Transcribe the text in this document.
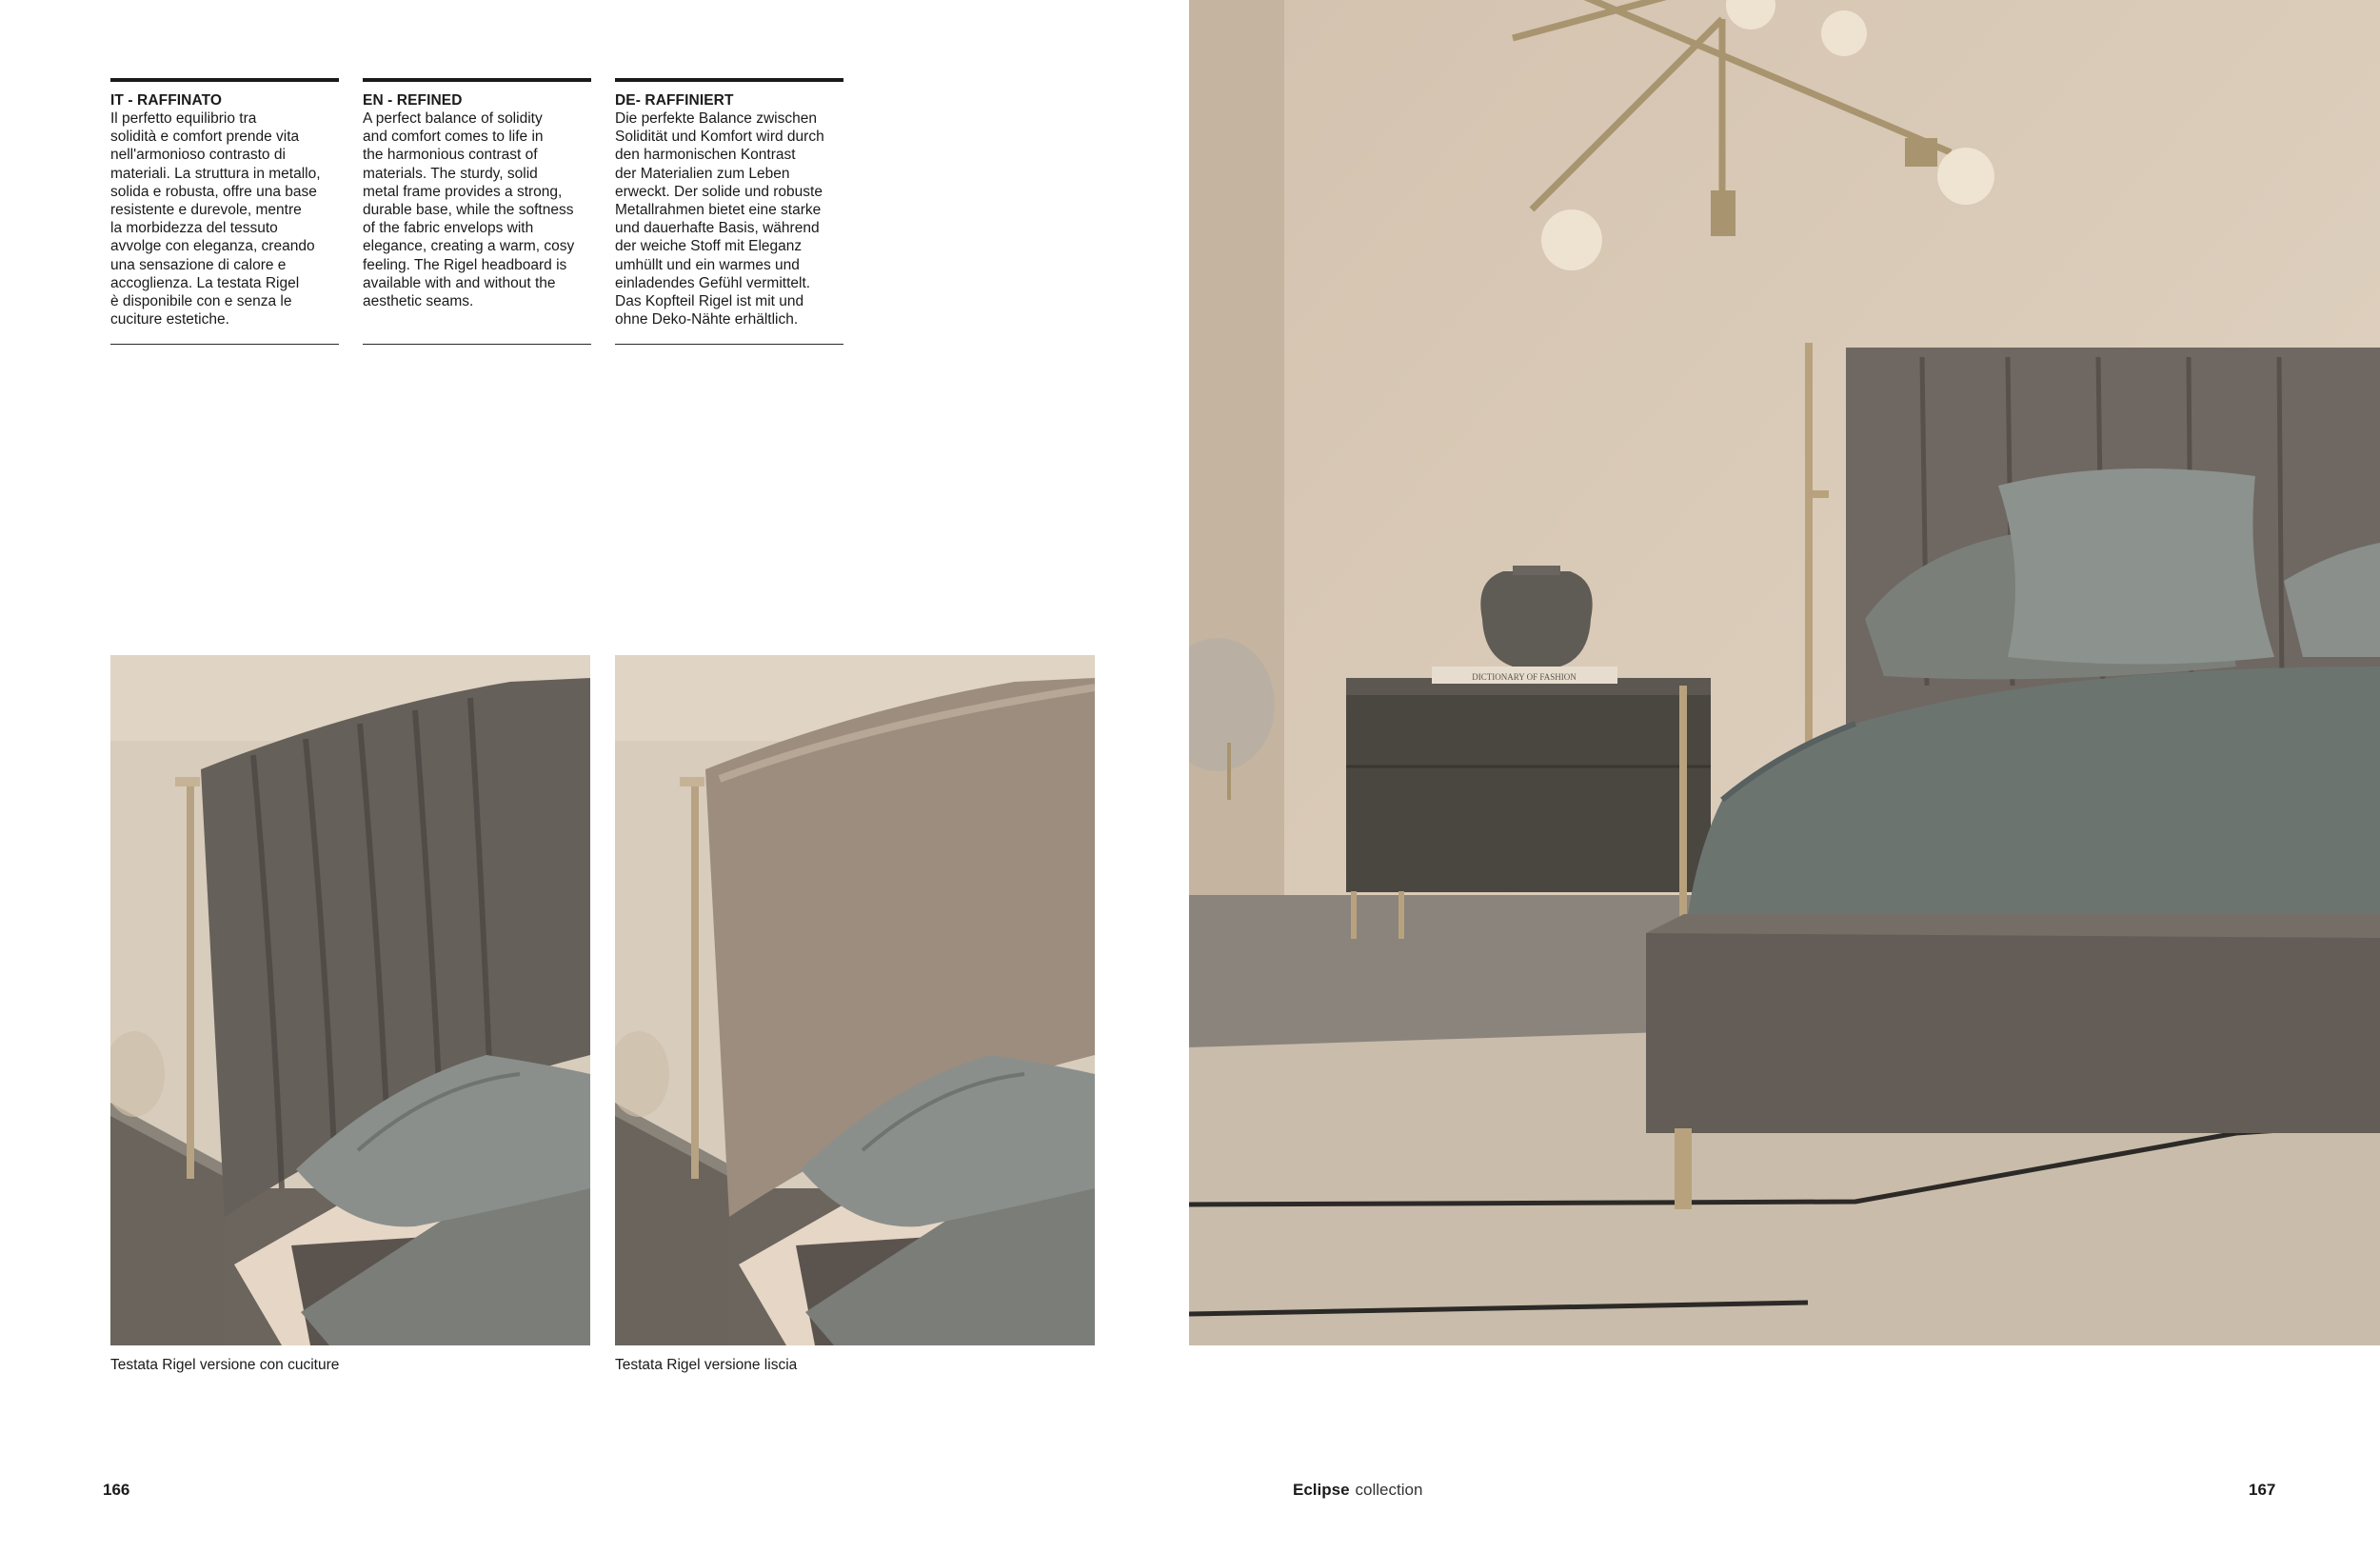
IT - RAFFINATO

Il perfetto equilibrio tra
solidità e comfort prende vita
nell'armonioso contrasto di
materiali. La struttura in metallo,
solida e robusta, offre una base
resistente e durevole, mentre
la morbidezza del tessuto
avvolge con eleganza, creando
una sensazione di calore e
accoglienza. La testata Rigel
è disponibile con e senza le
cuciture estetiche.

EN - REFINED

A perfect balance of solidity
and comfort comes to life in
the harmonious contrast of
materials. The sturdy, solid
metal frame provides a strong,
durable base, while the softness
of the fabric envelops with
elegance, creating a warm, cosy
feeling. The Rigel headboard is
available with and without the
aesthetic seams.

DE- RAFFINIERT

Die perfekte Balance zwischen
Solidität und Komfort wird durch
den harmonischen Kontrast
der Materialien zum Leben
erweckt. Der solide und robuste
Metallrahmen bietet eine starke
und dauerhafte Basis, während
der weiche Stoff mit Eleganz
umhüllt und ein warmes und
einladendes Gefühl vermittelt.
Das Kopfteil Rigel ist mit und
ohne Deko-Nähte erhältlich.

DICTIONARY OF FASHION
Testata Rigel versione con cuciture	Testata Rigel versione liscia
166	Eclipse collection	167
